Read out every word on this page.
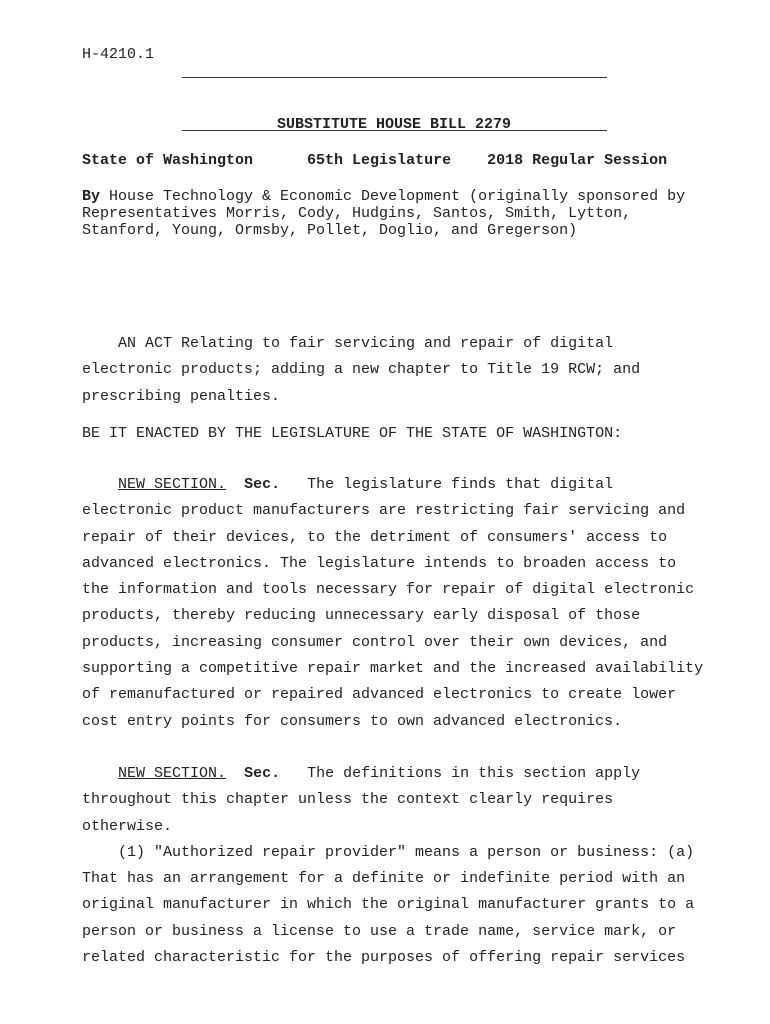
H-4210.1

SUBSTITUTE HOUSE BILL 2279

State of Washington	65th Legislature 2018 Regular Session
By House Technology & Economic Development (originally sponsored by
Representatives Morris, Cody, Hudgins, Santos, Smith, Lytton,
Stanford, Young, Ormsby, Pollet, Doglio, and Gregerson)
AN ACT Relating to fair servicing and repair of digital
electronic products; adding a new chapter to Title 19 RCW; and
prescribing penalties.
BE IT ENACTED BY THE LEGISLATURE OF THE STATE OF WASHINGTON:
NEW SECTION. Sec.   The legislature finds that digital
electronic product manufacturers are restricting fair servicing and
repair of their devices, to the detriment of consumers' access to
advanced electronics. The legislature intends to broaden access to
the information and tools necessary for repair of digital electronic
products, thereby reducing unnecessary early disposal of those
products, increasing consumer control over their own devices, and
supporting a competitive repair market and the increased availability
of remanufactured or repaired advanced electronics to create lower
cost entry points for consumers to own advanced electronics.
NEW SECTION. Sec.   The definitions in this section apply
throughout this chapter unless the context clearly requires
otherwise.
(1) "Authorized repair provider" means a person or business: (a)
That has an arrangement for a definite or indefinite period with an
original manufacturer in which the original manufacturer grants to a
person or business a license to use a trade name, service mark, or
related characteristic for the purposes of offering repair services
